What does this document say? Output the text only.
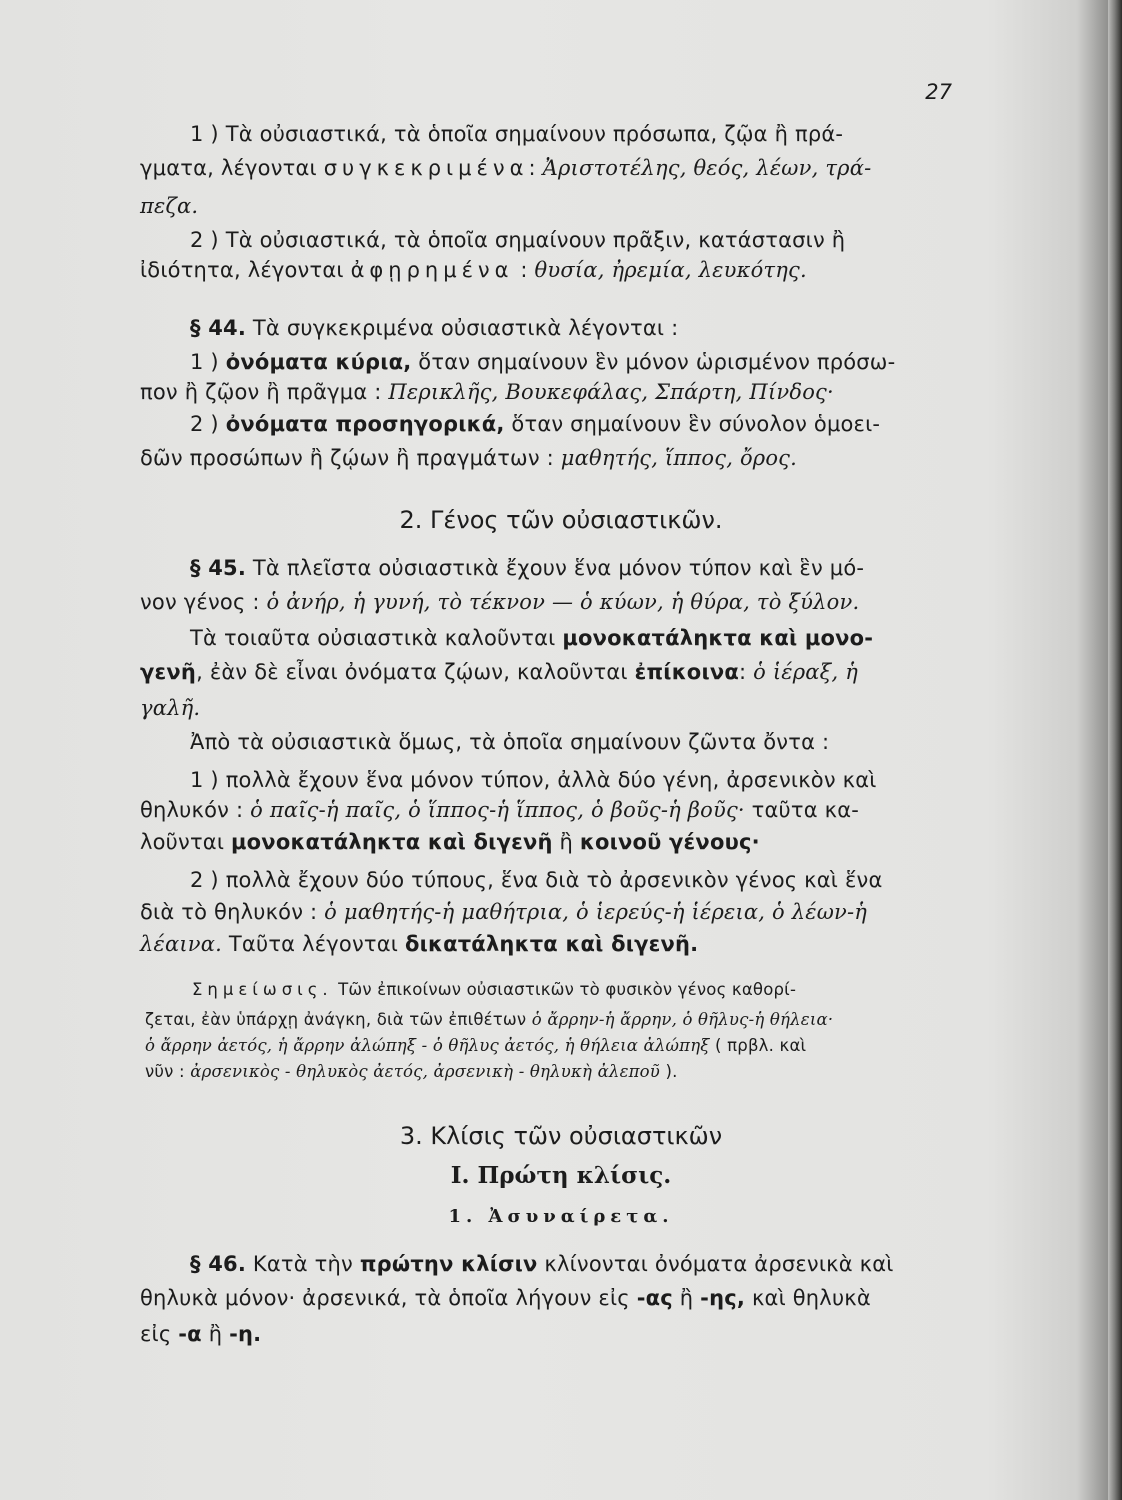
27
1 ) Τὰ οὐσιαστικά, τὰ ὁποῖα σημαίνουν πρόσωπα, ζῷα ἢ πρά-
γματα, λέγονται συγκεκριμένα: Ἀριστοτέλης, θεός, λέων, τρά-
πεζα.
2 ) Τὰ οὐσιαστικά, τὰ ὁποῖα σημαίνουν πρᾶξιν, κατάστασιν ἢ
ἰδιότητα, λέγονται ἀφῃρημένα : θυσία, ἠρεμία, λευκότης.
§ 44. Τὰ συγκεκριμένα οὐσιαστικὰ λέγονται :
1 ) ὀνόματα κύρια, ὅταν σημαίνουν ἓν μόνον ὡρισμένον πρόσω-
πον ἢ ζῷον ἢ πρᾶγμα : Περικλῆς, Βουκεφάλας, Σπάρτη, Πίνδος·
2 ) ὀνόματα προσηγορικά, ὅταν σημαίνουν ἓν σύνολον ὁμοει-
δῶν προσώπων ἢ ζῴων ἢ πραγμάτων : μαθητής, ἵππος, ὄρος.
2. Γένος τῶν οὐσιαστικῶν.
§ 45. Τὰ πλεῖστα οὐσιαστικὰ ἔχουν ἕνα μόνον τύπον καὶ ἓν μό-
νον γένος : ὁ ἀνήρ, ἡ γυνή, τὸ τέκνον — ὁ κύων, ἡ θύρα, τὸ ξύλον.
Τὰ τοιαῦτα οὐσιαστικὰ καλοῦνται μονοκατάληκτα καὶ μονο-
γενῆ, ἐὰν δὲ εἶναι ὀνόματα ζῴων, καλοῦνται ἐπίκοινα: ὁ ἱέραξ, ἡ
γαλῆ.
Ἀπὸ τὰ οὐσιαστικὰ ὅμως, τὰ ὁποῖα σημαίνουν ζῶντα ὄντα :
1 ) πολλὰ ἔχουν ἕνα μόνον τύπον, ἀλλὰ δύο γένη, ἀρσενικὸν καὶ
θηλυκόν : ὁ παῖς-ἡ παῖς, ὁ ἵππος-ἡ ἵππος, ὁ βοῦς-ἡ βοῦς· ταῦτα κα-
λοῦνται μονοκατάληκτα καὶ διγενῆ ἢ κοινοῦ γένους·
2 ) πολλὰ ἔχουν δύο τύπους, ἕνα διὰ τὸ ἀρσενικὸν γένος καὶ ἕνα
διὰ τὸ θηλυκόν : ὁ μαθητής-ἡ μαθήτρια, ὁ ἱερεύς-ἡ ἱέρεια, ὁ λέων-ἡ
λέαινα. Ταῦτα λέγονται δικατάληκτα καὶ διγενῆ.
Σημείωσις. Τῶν ἐπικοίνων οὐσιαστικῶν τὸ φυσικὸν γένος καθορί-
ζεται, ἐὰν ὑπάρχῃ ἀνάγκη, διὰ τῶν ἐπιθέτων ὁ ἄρρην-ἡ ἄρρην, ὁ θῆλυς-ἡ θήλεια·
ὁ ἄρρην ἀετός, ἡ ἄρρην ἀλώπηξ - ὁ θῆλυς ἀετός, ἡ θήλεια ἀλώπηξ ( πρβλ. καὶ
νῦν : ἀρσενικὸς - θηλυκὸς ἀετός, ἀρσενικὴ - θηλυκὴ ἀλεποῦ ).
3. Κλίσις τῶν οὐσιαστικῶν
Ι. Πρώτη κλίσις.
1. Ἀσυναίρετα.
§ 46. Κατὰ τὴν πρώτην κλίσιν κλίνονται ὀνόματα ἀρσενικὰ καὶ
θηλυκὰ μόνον· ἀρσενικά, τὰ ὁποῖα λήγουν εἰς -ας ἢ -ης, καὶ θηλυκὰ
εἰς -α ἢ -η.
